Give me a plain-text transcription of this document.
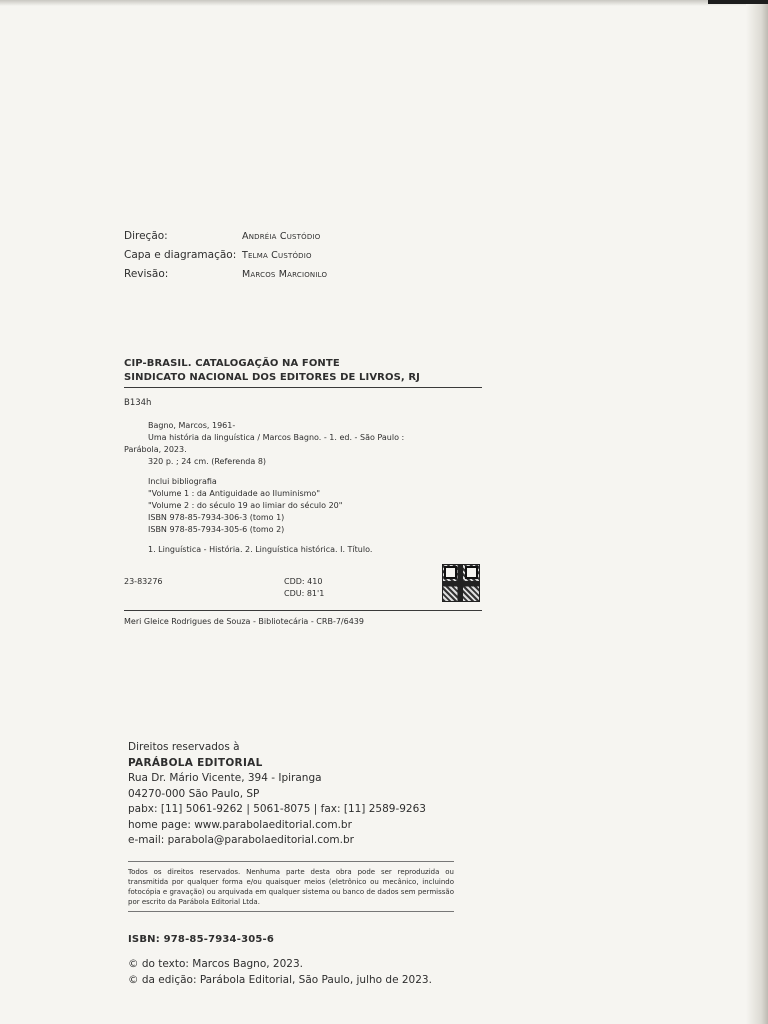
Direção:	Andréia Custódio
Capa e diagramação: Telma Custódio
Revisão:	Marcos Marcionilo
CIP-BRASIL. CATALOGAÇÃO NA FONTE
SINDICATO NACIONAL DOS EDITORES DE LIVROS, RJ
B134h
Bagno, Marcos, 1961-
Uma história da linguística / Marcos Bagno. - 1. ed. - São Paulo :
Parábola, 2023.
320 p. ; 24 cm. (Referenda 8)
Inclui bibliografia
"Volume 1 : da Antiguidade ao Iluminismo"
"Volume 2 : do século 19 ao limiar do século 20"
ISBN 978-85-7934-306-3 (tomo 1)
ISBN 978-85-7934-305-6 (tomo 2)
1. Linguística - História. 2. Linguística histórica. I. Título.
23-83276	CDD: 410
CDU: 81'1
Meri Gleice Rodrigues de Souza - Bibliotecária - CRB-7/6439
Direitos reservados à
PARÁBOLA EDITORIAL
Rua Dr. Mário Vicente, 394 - Ipiranga
04270-000 São Paulo, SP
pabx: [11] 5061-9262 | 5061-8075 | fax: [11] 2589-9263
home page: www.parabolaeditorial.com.br
e-mail: parabola@parabolaeditorial.com.br
Todos os direitos reservados. Nenhuma parte desta obra pode ser reproduzida ou transmitida por qualquer forma e/ou quaisquer meios (eletrônico ou mecânico, incluindo fotocópia e gravação) ou arquivada em qualquer sistema ou banco de dados sem permissão por escrito da Parábola Editorial Ltda.
ISBN: 978-85-7934-305-6
© do texto: Marcos Bagno, 2023.
© da edição: Parábola Editorial, São Paulo, julho de 2023.
